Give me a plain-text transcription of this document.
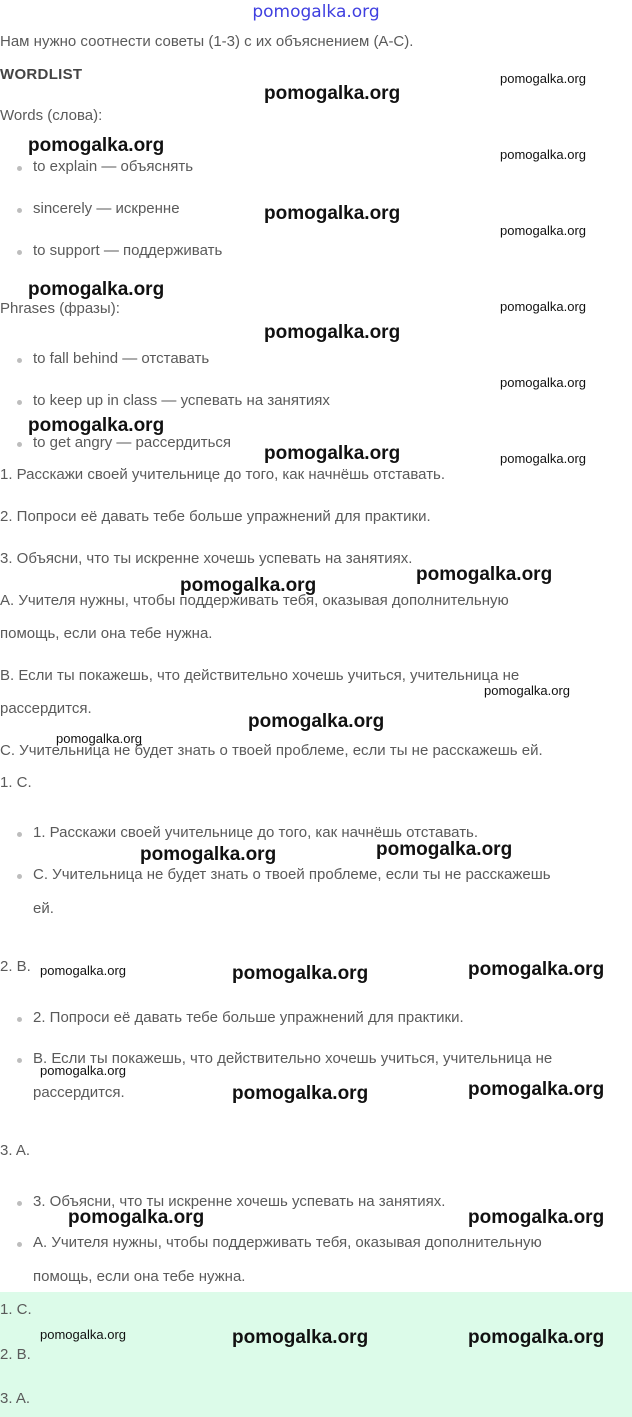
pomogalka.org
Нам нужно соотнести советы (1-3) с их объяснением (A-C).
WORDLIST
Words (слова):
to explain — объяснять
sincerely — искренне
to support — поддерживать
Phrases (фразы):
to fall behind — отставать
to keep up in class — успевать на занятиях
to get angry — рассердиться
1. Расскажи своей учительнице до того, как начнёшь отставать.
2. Попроси её давать тебе больше упражнений для практики.
3. Объясни, что ты искренне хочешь успевать на занятиях.
A. Учителя нужны, чтобы поддерживать тебя, оказывая дополнительную
помощь, если она тебе нужна.
B. Если ты покажешь, что действительно хочешь учиться, учительница не
рассердится.
C. Учительница не будет знать о твоей проблеме, если ты не расскажешь ей.
1. C.
1. Расскажи своей учительнице до того, как начнёшь отставать.
C. Учительница не будет знать о твоей проблеме, если ты не расскажешь
ей.
2. B.
2. Попроси её давать тебе больше упражнений для практики.
B. Если ты покажешь, что действительно хочешь учиться, учительница не
рассердится.
3. A.
3. Объясни, что ты искренне хочешь успевать на занятиях.
A. Учителя нужны, чтобы поддерживать тебя, оказывая дополнительную
помощь, если она тебе нужна.
1. C.
2. B.
3. A.
pomogalka.org
pomogalka.org
pomogalka.org	pomogalka.org
pomogalka.org
pomogalka.org
pomogalka.org
pomogalka.org
pomogalka.org
pomogalka.org
pomogalka.org
pomogalka.org	pomogalka.org
pomogalka.org
pomogalka.org
pomogalka.org
pomogalka.org
pomogalka.org
pomogalka.org	pomogalka.org
pomogalka.org	pomogalka.org	pomogalka.org
pomogalka.org
pomogalka.org	pomogalka.org
pomogalka.org	pomogalka.org
pomogalka.org	pomogalka.org	pomogalka.org
